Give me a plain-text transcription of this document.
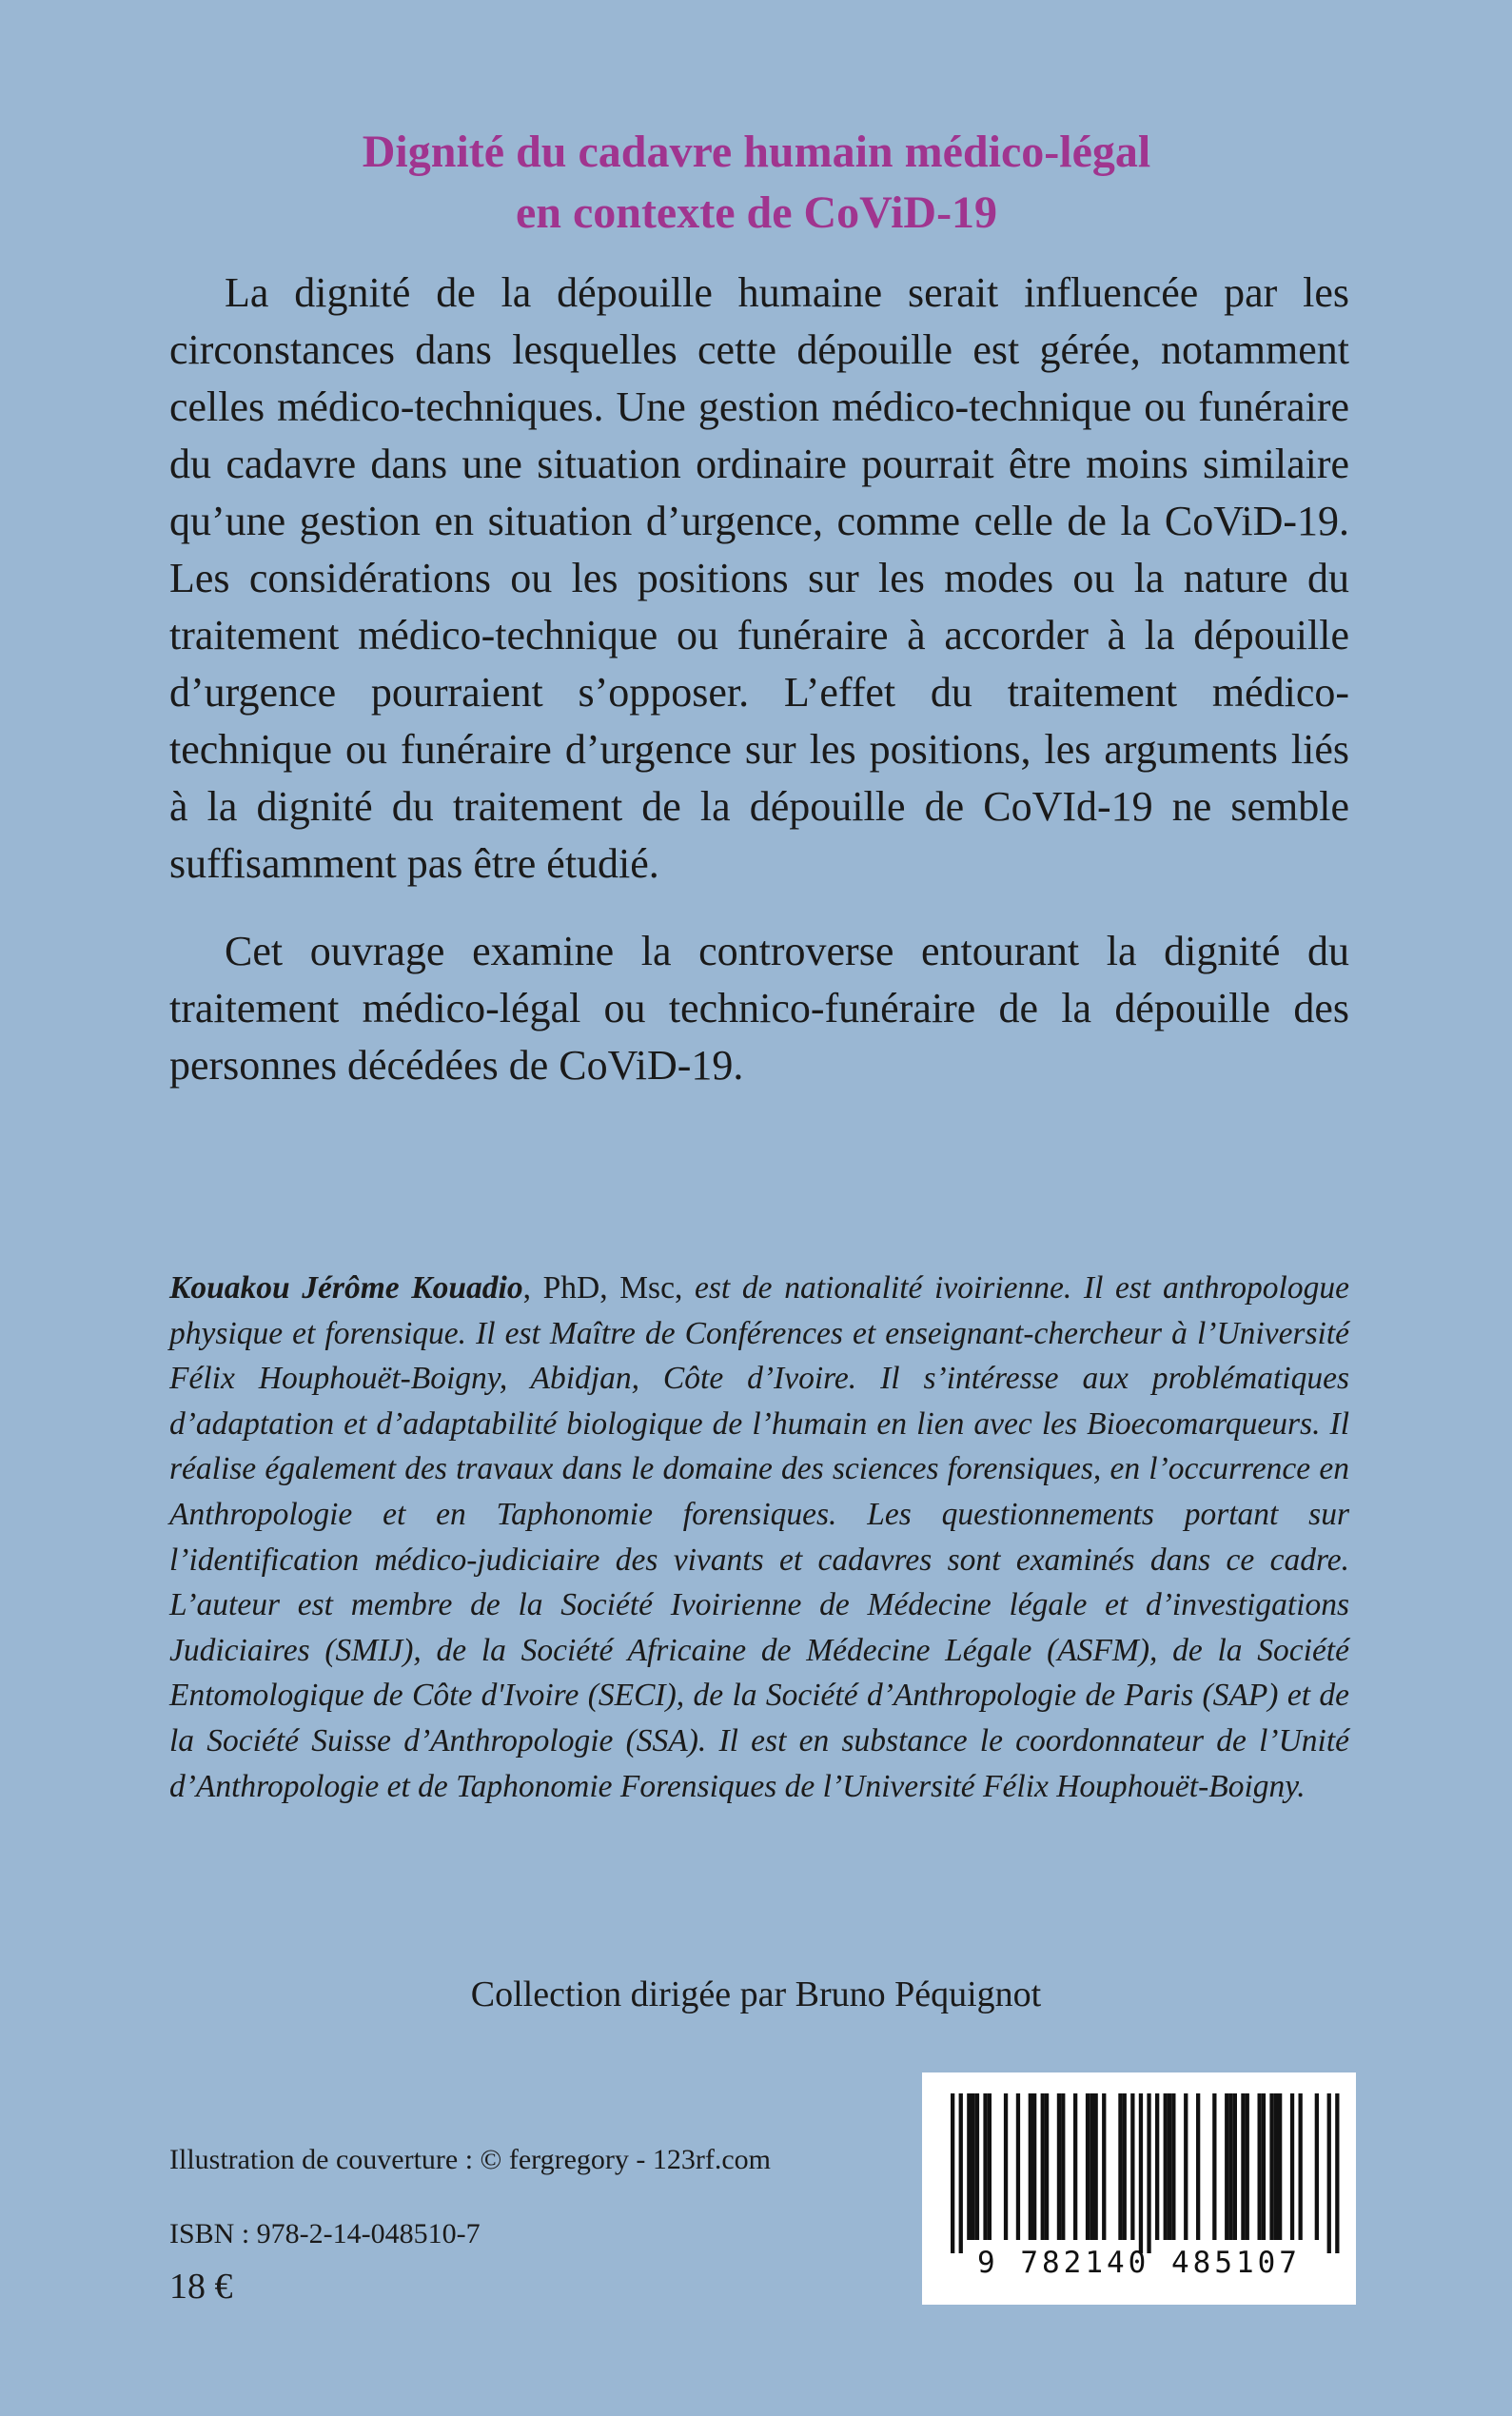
Dignité du cadavre humain médico-légal
en contexte de CoViD-19

La dignité de la dépouille humaine serait influencée par les circonstances dans lesquelles cette dépouille est gérée, notamment celles médico-techniques. Une gestion médico-technique ou funéraire du cadavre dans une situation ordinaire pourrait être moins similaire qu’une gestion en situation d’urgence, comme celle de la CoViD-19. Les considérations ou les positions sur les modes ou la nature du traitement médico-technique ou funéraire à accorder à la dépouille d’urgence pourraient s’opposer. L’effet du traitement médico-technique ou funéraire d’urgence sur les positions, les arguments liés à la dignité du traitement de la dépouille de CoVId-19 ne semble suffisamment pas être étudié.

Cet ouvrage examine la controverse entourant la dignité du traitement médico-légal ou technico-funéraire de la dépouille des personnes décédées de CoViD-19.

Kouakou Jérôme Kouadio, PhD, Msc, est de nationalité ivoirienne. Il est anthropologue physique et forensique. Il est Maître de Conférences et enseignant-chercheur à l’Université Félix Houphouët-Boigny, Abidjan, Côte d’Ivoire. Il s’intéresse aux problématiques d’adaptation et d’adaptabilité biologique de l’humain en lien avec les Bioecomarqueurs. Il réalise également des travaux dans le domaine des sciences forensiques, en l’occurrence en Anthropologie et en Taphonomie forensiques. Les questionnements portant sur l’identification médico-judiciaire des vivants et cadavres sont examinés dans ce cadre. L’auteur est membre de la Société Ivoirienne de Médecine légale et d’investigations Judiciaires (SMIJ), de la Société Africaine de Médecine Légale (ASFM), de la Société Entomologique de Côte d'Ivoire (SECI), de la Société d’Anthropologie de Paris (SAP) et de la Société Suisse d’Anthropologie (SSA). Il est en substance le coordonnateur de l’Unité d’Anthropologie et de Taphonomie Forensiques de l’Université Félix Houphouët-Boigny.

Collection dirigée par Bruno Péquignot
Illustration de couverture : © fergregory - 123rf.com
ISBN : 978-2-14-048510-7
18 €
9 782140 485107
